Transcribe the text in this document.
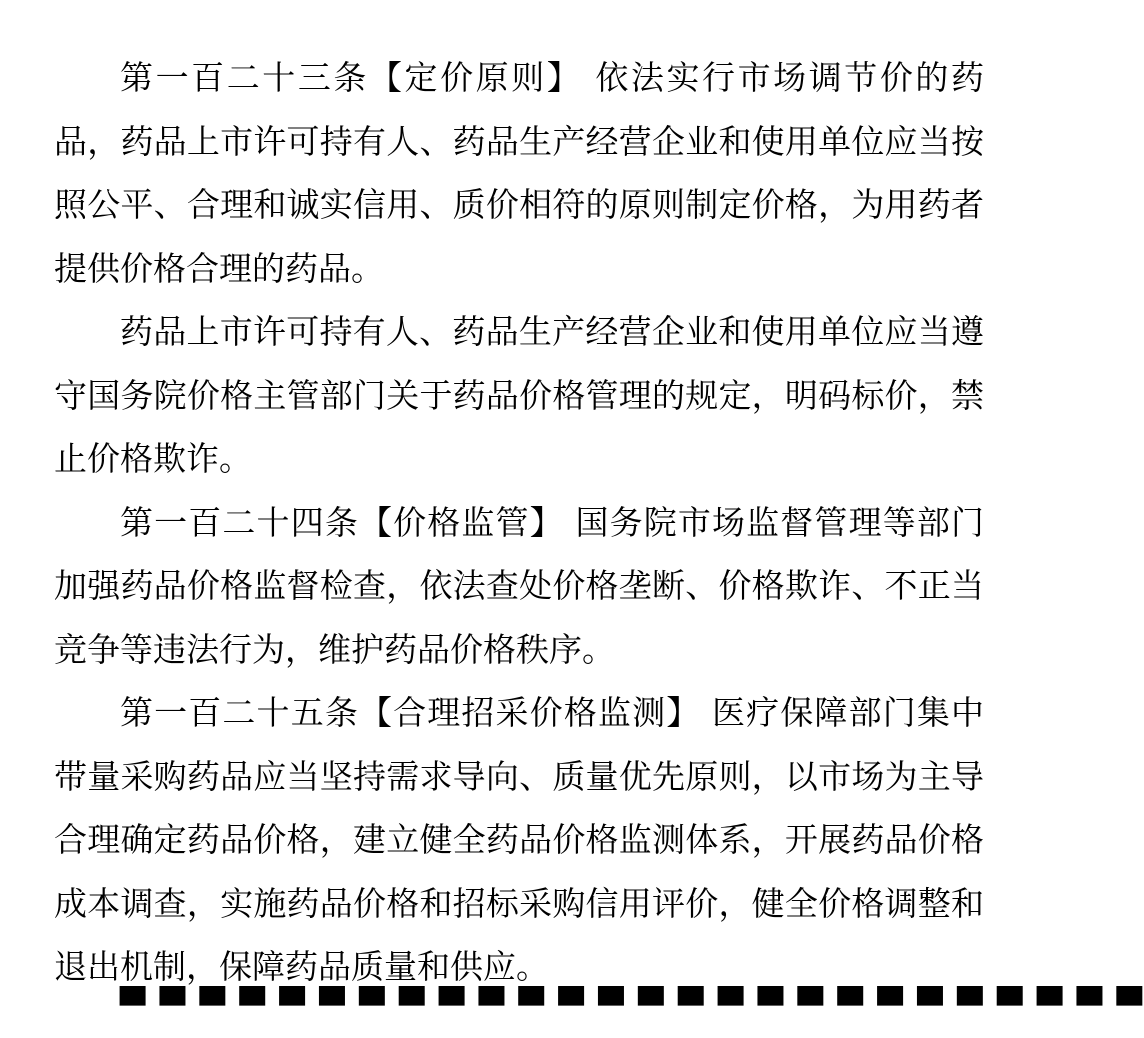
第一百二十三条【定价原则】 依法实行市场调节价的药品，药品上市许可持有人、药品生产经营企业和使用单位应当按照公平、合理和诚实信用、质价相符的原则制定价格，为用药者提供价格合理的药品。

药品上市许可持有人、药品生产经营企业和使用单位应当遵守国务院价格主管部门关于药品价格管理的规定，明码标价，禁止价格欺诈。

第一百二十四条【价格监管】 国务院市场监督管理等部门加强药品价格监督检查，依法查处价格垄断、价格欺诈、不正当竞争等违法行为，维护药品价格秩序。

第一百二十五条【合理招采价格监测】 医疗保障部门集中带量采购药品应当坚持需求导向、质量优先原则，以市场为主导合理确定药品价格，建立健全药品价格监测体系，开展药品价格成本调查，实施药品价格和招标采购信用评价，健全价格调整和退出机制，保障药品质量和供应。

▀ ▀ ▀ ▀ ▀ ▀ ▀ ▀ ▀ ▀ ▀ ▀ ▀ ▀ ▀ ▀ ▀ ▀ ▀ ▀ ▀ ▀ ▀ ▀ ▀ ▀
